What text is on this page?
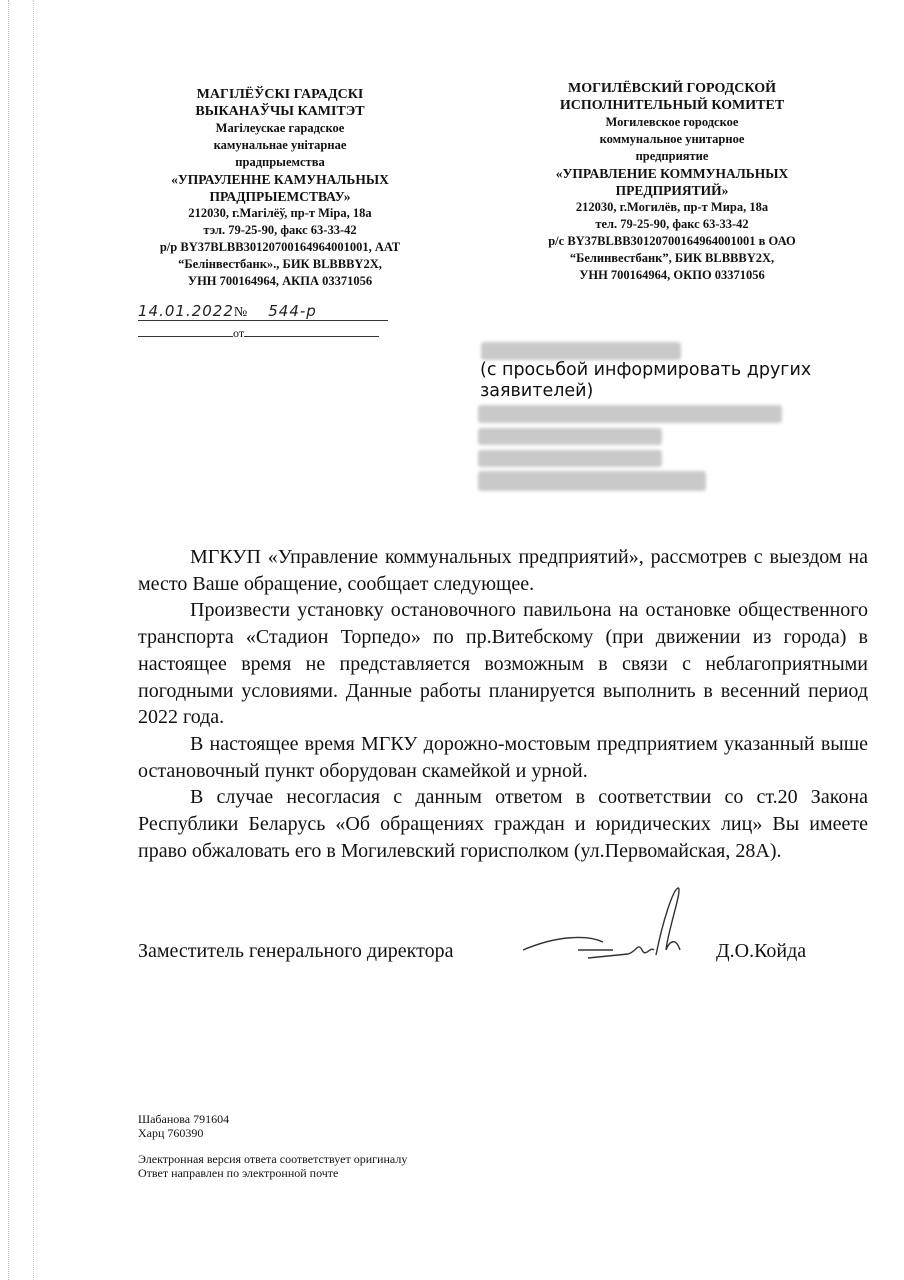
МАГІЛЁЎСКІ ГАРАДСКІ
ВЫКАНАЎЧЫ КАМІТЭТ
Магілеускае гарадское
камунальнае унітарнае
прадпрыемства
«УПРАУЛЕННЕ КАМУНАЛЬНЫХ
ПРАДПРЫЕМСТВАУ»
212030, г.Магілёў, пр-т Міра, 18а
тэл. 79-25-90, факс 63-33-42
р/р BY37BLBB30120700164964001001, ААТ
“Белінвестбанк»., БИК BLBBBY2X,
УНН 700164964, АКПА 03371056
МОГИЛЁВСКИЙ ГОРОДСКОЙ
ИСПОЛНИТЕЛЬНЫЙ КОМИТЕТ
Могилевское городское
коммунальное унитарное
предприятие
«УПРАВЛЕНИЕ КОММУНАЛЬНЫХ
ПРЕДПРИЯТИЙ»
212030, г.Могилёв, пр-т Мира, 18а
тел. 79-25-90, факс 63-33-42
р/с BY37BLBB30120700164964001001 в ОАО
“Белинвестбанк”, БИК BLBBBY2X,
УНН 700164964, ОКПО 03371056
14.01.2022№ 544-р
от
(с просьбой информировать других заявителей)

МГКУП «Управление коммунальных предприятий», рассмотрев с выездом на место Ваше обращение, сообщает следующее.

Произвести установку остановочного павильона на остановке общественного транспорта «Стадион Торпедо» по пр.Витебскому (при движении из города) в настоящее время не представляется возможным в связи с неблагоприятными погодными условиями. Данные работы планируется выполнить в весенний период 2022 года.

В настоящее время МГКУ дорожно-мостовым предприятием указанный выше остановочный пункт оборудован скамейкой и урной.

В случае несогласия с данным ответом в соответствии со ст.20 Закона Республики Беларусь «Об обращениях граждан и юридических лиц» Вы имеете право обжаловать его в Могилевский горисполком (ул.Первомайская, 28А).

Заместитель генерального директора	Д.О.Койда
Шабанова 791604
Харц 760390
Электронная версия ответа соответствует оригиналу
Ответ направлен по электронной почте
